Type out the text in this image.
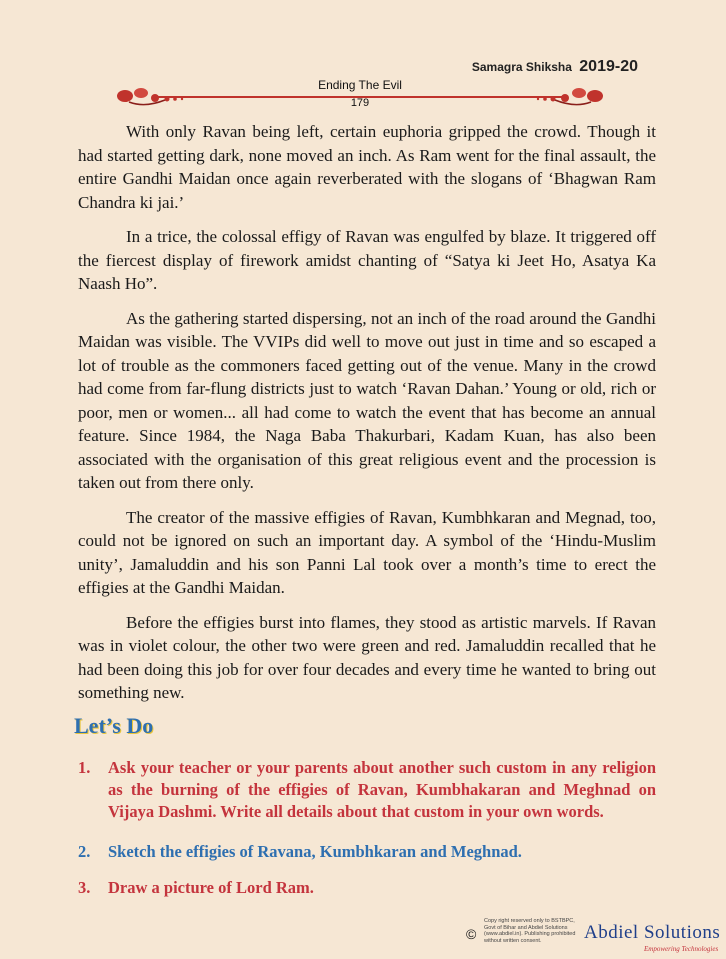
Samagra Shiksha 2019-20
Ending The Evil
179

With only Ravan being left, certain euphoria gripped the crowd. Though it had started getting dark, none moved an inch. As Ram went for the final assault, the entire Gandhi Maidan once again reverberated with the slogans of ‘Bhagwan Ram Chandra ki jai.’

In a trice, the colossal effigy of Ravan was engulfed by blaze. It triggered off the fiercest display of firework amidst chanting of “Satya ki Jeet Ho, Asatya Ka Naash Ho”.

As the gathering started dispersing, not an inch of the road around the Gandhi Maidan was visible. The VVIPs did well to move out just in time and so escaped a lot of trouble as the commoners faced getting out of the venue. Many in the crowd had come from far-flung districts just to watch ‘Ravan Dahan.’ Young or old, rich or poor, men or women... all had come to watch the event that has become an annual feature. Since 1984, the Naga Baba Thakurbari, Kadam Kuan, has also been associated with the organisation of this great religious event and the procession is taken out from there only.

The creator of the massive effigies of Ravan, Kumbhkaran and Megnad, too, could not be ignored on such an important day. A symbol of the ‘Hindu-Muslim unity’, Jamaluddin and his son Panni Lal took over a month’s time to erect the effigies at the Gandhi Maidan.

Before the effigies burst into flames, they stood as artistic marvels. If Ravan was in violet colour, the other two were green and red. Jamaluddin recalled that he had been doing this job for over four decades and every time he wanted to bring out something new.

Let’s Do
1.	Ask your teacher or your parents about another such custom in any religion as the burning of the effigies of Ravan, Kumbhakaran and Meghnad on Vijaya Dashmi. Write all details about that custom in your own words.
2.	Sketch the effigies of Ravana, Kumbhkaran and Meghnad.
3.	Draw a picture of Lord Ram.
©
Copy right reserved only to BSTBPC, Govt of Bihar and Abdiel Solutions (www.abdiel.in). Publishing prohibited without written consent.	Abdiel Solutions
Empowering Technologies
